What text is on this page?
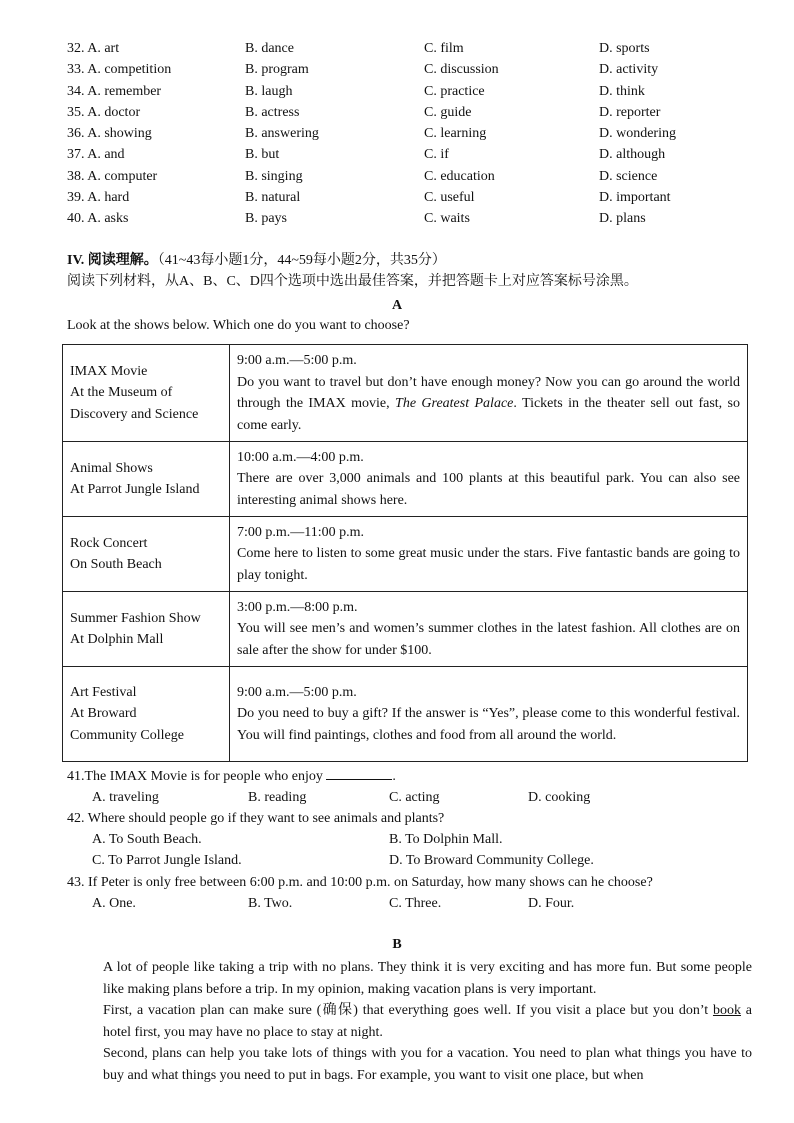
32. A. art	B. dance	C. film	D. sports
33. A. competition	B. program	C. discussion	D. activity
34. A. remember	B. laugh	C. practice	D. think
35. A. doctor	B. actress	C. guide	D. reporter
36. A. showing	B. answering	C. learning	D. wondering
37. A. and	B. but	C. if	D. although
38. A. computer	B. singing	C. education	D. science
39. A. hard	B. natural	C. useful	D. important
40. A. asks	B. pays	C. waits	D. plans
IV. 阅读理解。（41~43每小题1分，44~59每小题2分，共35分）
阅读下列材料，从A、B、C、D四个选项中选出最佳答案，并把答题卡上对应答案标号涂黑。
A
Look at the shows below. Which one do you want to choose?
IMAX Movie
At the Museum of
Discovery and Science	9:00 a.m.—5:00 p.m.
Do you want to travel but don’t have enough money? Now you can go around the world through the IMAX movie, The Greatest Palace. Tickets in the theater sell out fast, so come early.

Animal Shows
At Parrot Jungle Island	10:00 a.m.—4:00 p.m.
There are over 3,000 animals and 100 plants at this beautiful park. You can also see interesting animal shows here.

Rock Concert
On South Beach	7:00 p.m.—11:00 p.m.
Come here to listen to some great music under the stars. Five fantastic bands are going to play tonight.

Summer Fashion Show
At Dolphin Mall	3:00 p.m.—8:00 p.m.
You will see men’s and women’s summer clothes in the latest fashion. All clothes are on sale after the show for under $100.

Art Festival
At Broward
Community College	9:00 a.m.—5:00 p.m.
Do you need to buy a gift? If the answer is “Yes”, please come to this wonderful festival. You will find paintings, clothes and food from all around the world.
41.The IMAX Movie is for people who enjoy	.
A. traveling	B. reading	C. acting	D. cooking
42. Where should people go if they want to see animals and plants?
A. To South Beach.	B. To Dolphin Mall.
C. To Parrot Jungle Island.	D. To Broward Community College.
43. If Peter is only free between 6:00 p.m. and 10:00 p.m. on Saturday, how many shows can he choose?
A. One.	B. Two.	C. Three.	D. Four.
B
A lot of people like taking a trip with no plans. They think it is very exciting and has more fun. But some people like making plans before a trip. In my opinion, making vacation plans is very important.
First, a vacation plan can make sure (确保) that everything goes well. If you visit a place but you don’t book a hotel first, you may have no place to stay at night.
Second, plans can help you take lots of things with you for a vacation. You need to plan what things you have to buy and what things you need to put in bags. For example, you want to visit one place, but when
